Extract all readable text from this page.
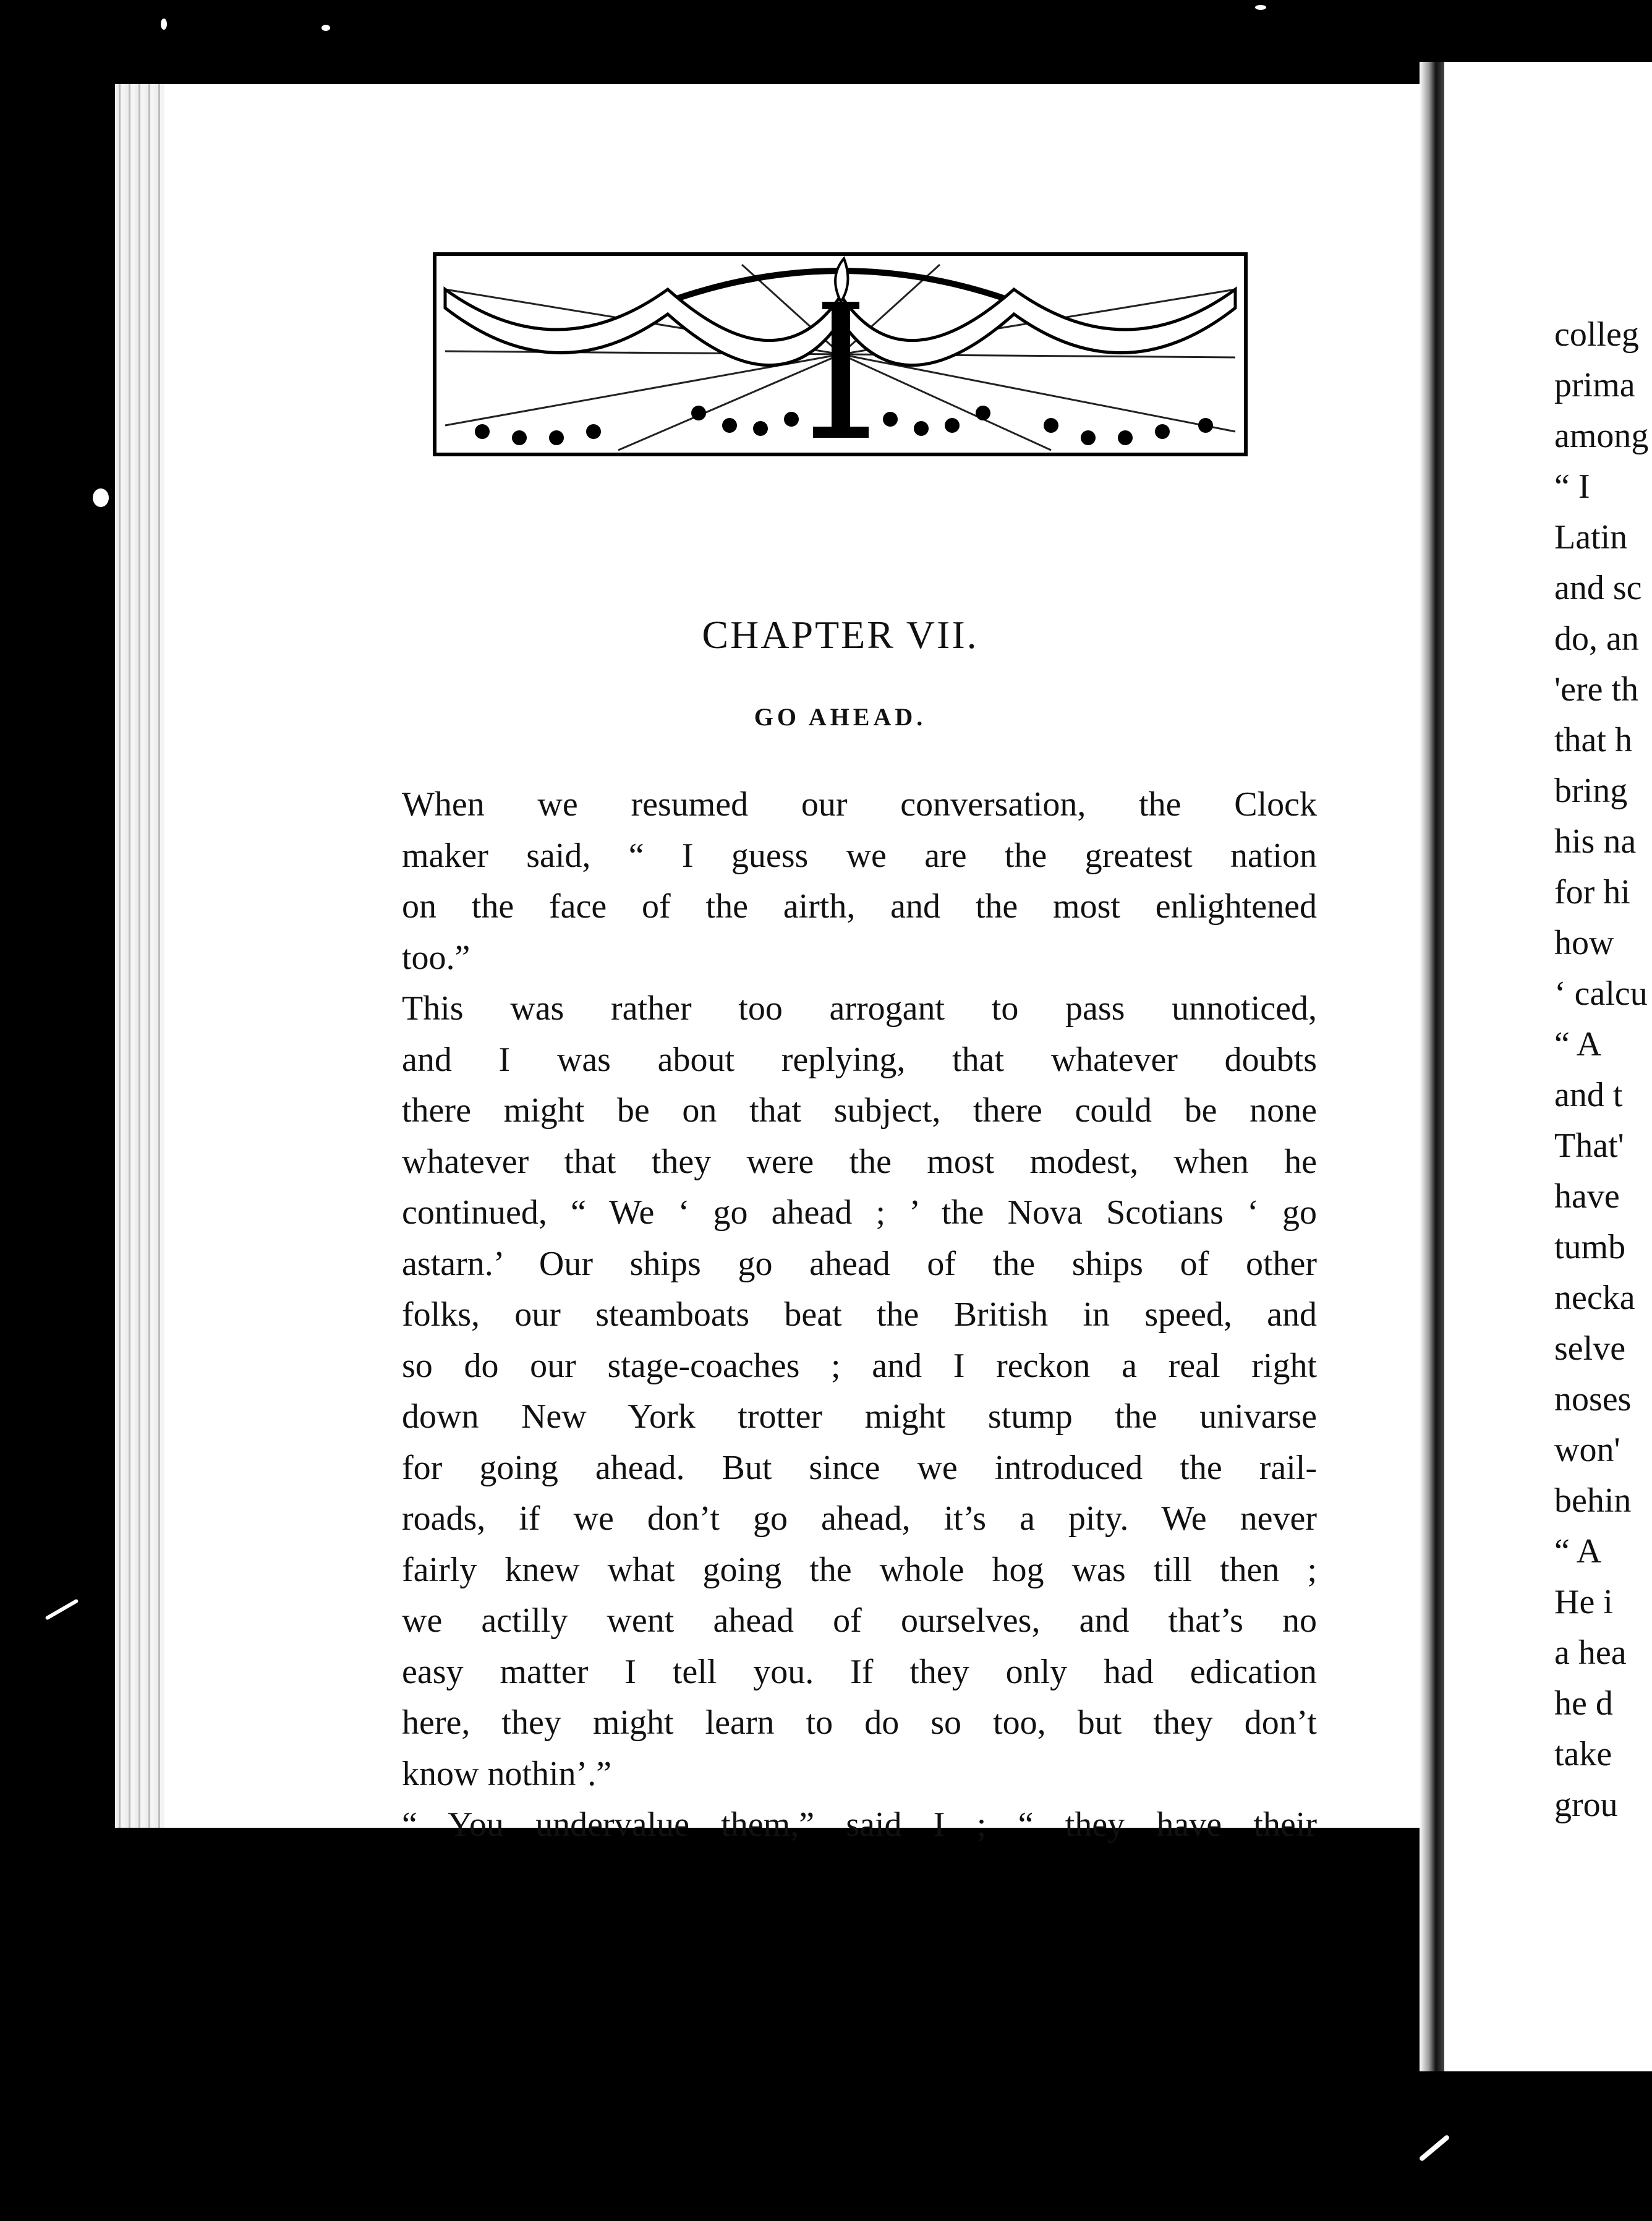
CHAPTER VII.
GO AHEAD.
When we resumed our conversation, the Clock
maker said, “ I guess we are the greatest nation
on the face of the airth, and the most enlightened
too.”
This was rather too arrogant to pass unnoticed,
and I was about replying, that whatever doubts
there might be on that subject, there could be none
whatever that they were the most modest, when he
continued, “ We ‘ go ahead ; ’ the Nova Scotians ‘ go
astarn.’ Our ships go ahead of the ships of other
folks, our steamboats beat the British in speed, and
so do our stage-coaches ; and I reckon a real right
down New York trotter might stump the univarse
for going ahead. But since we introduced the rail-
roads, if we don’t go ahead, it’s a pity. We never
fairly knew what going the whole hog was till then ;
we actilly went ahead of ourselves, and that’s no
easy matter I tell you. If they only had edication
here, they might learn to do so too, but they don’t
know nothin’.”
“ You undervalue them,” said I ; “ they have their
colleg
prima
among
“ I
Latin
and sc
do, an
'ere th
that h
bring
his na
for hi
how
‘ calcu
“ A
and t
That'
have
tumb
necka
selve
noses
won'
behin
“ A
He i
a hea
he d
take
grou
